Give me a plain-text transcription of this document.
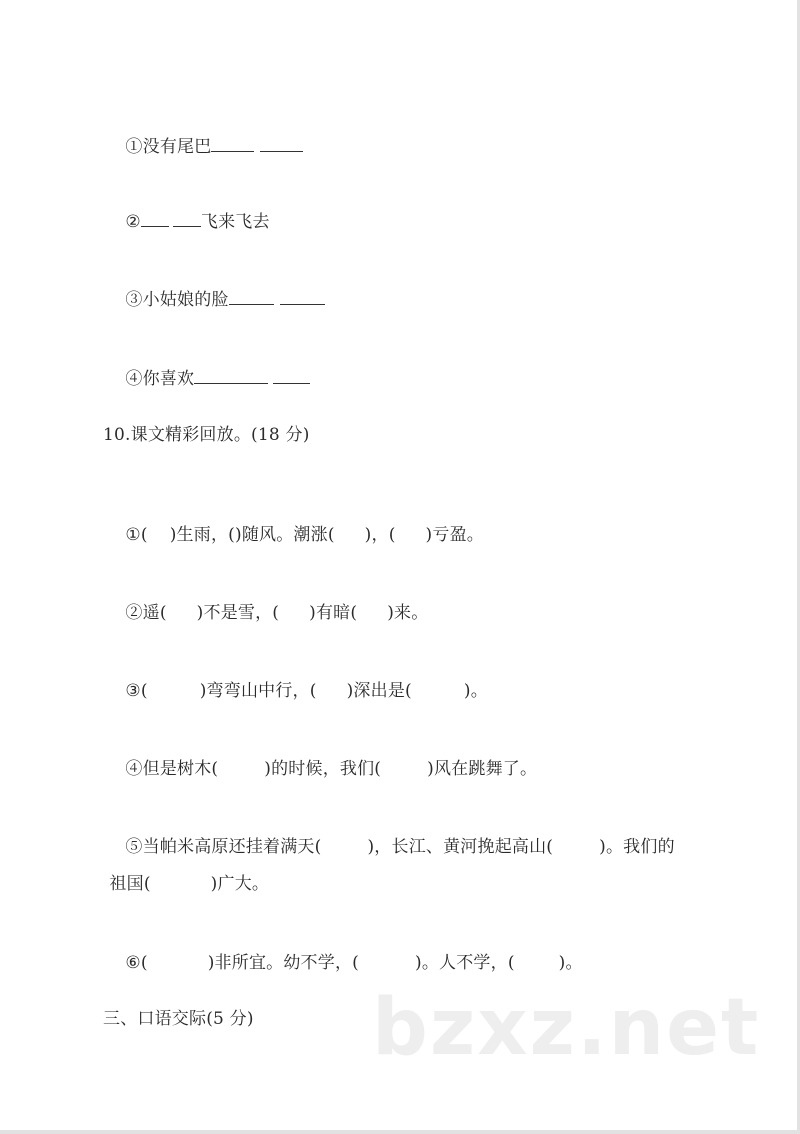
①没有尾巴

②	飞来飞去

③小姑娘的脸

④你喜欢

10.课文精彩回放。(18 分)

①( )生雨，()随风。潮涨( )，( )亏盈。

②遥( )不是雪，( )有暗( )来。

③(	)弯弯山中行，( )深出是(	)。

④但是树木(	)的时候，我们(	)风在跳舞了。

⑤当帕米高原还挂着满天(	)，长江、黄河挽起高山(	)。我们的

祖国(	)广大。

⑥(	)非所宜。幼不学，(	)。人不学，(	)。

三、口语交际(5 分) bzxz.net
